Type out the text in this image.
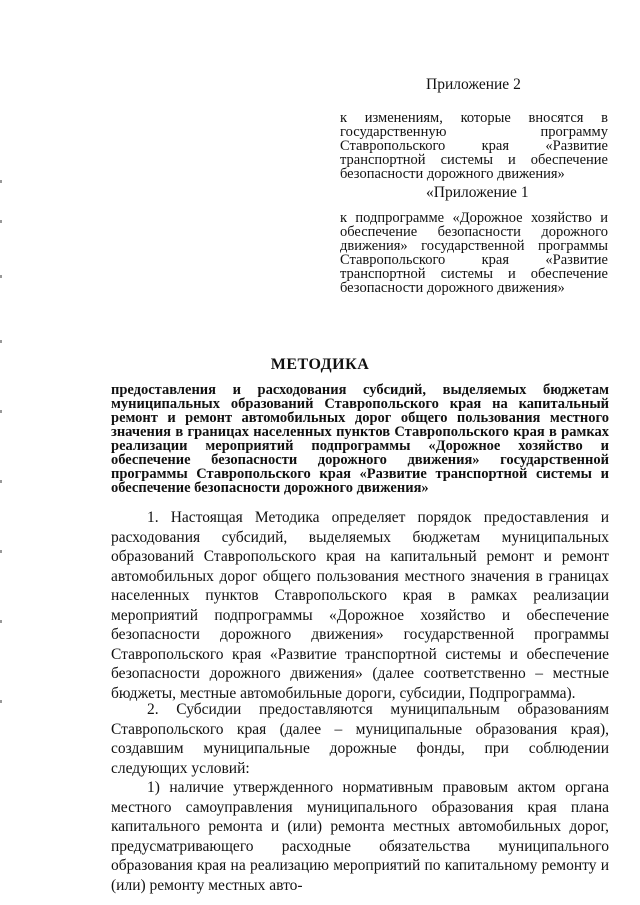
Приложение 2
к изменениям, которые вносятся в государственную программу Ставропольского края «Развитие транспортной системы и обеспечение безопасности дорожного движения»
«Приложение 1
к подпрограмме «Дорожное хозяйство и обеспечение безопасности дорожного движения» государственной программы Ставропольского края «Развитие транспортной системы и обеспечение безопасности дорожного движения»
МЕТОДИКА
предоставления и расходования субсидий, выделяемых бюджетам муниципальных образований Ставропольского края на капитальный ремонт и ремонт автомобильных дорог общего пользования местного значения в границах населенных пунктов Ставропольского края в рамках реализации мероприятий подпрограммы «Дорожное хозяйство и обеспечение безопасности дорожного движения» государственной программы Ставропольского края «Развитие транспортной системы и обеспечение безопасности дорожного движения»

1. Настоящая Методика определяет порядок предоставления и расходования субсидий, выделяемых бюджетам муниципальных образований Ставропольского края на капитальный ремонт и ремонт автомобильных дорог общего пользования местного значения в границах населенных пунктов Ставропольского края в рамках реализации мероприятий подпрограммы «Дорожное хозяйство и обеспечение безопасности дорожного движения» государственной программы Ставропольского края «Развитие транспортной системы и обеспечение безопасности дорожного движения» (далее соответственно – местные бюджеты, местные автомобильные дороги, субсидии, Подпрограмма).

2. Субсидии предоставляются муниципальным образованиям Ставропольского края (далее – муниципальные образования края), создавшим муниципальные дорожные фонды, при соблюдении следующих условий:

1) наличие утвержденного нормативным правовым актом органа местного самоуправления муниципального образования края плана капитального ремонта и (или) ремонта местных автомобильных дорог, предусматривающего расходные обязательства муниципального образования края на реализацию мероприятий по капитальному ремонту и (или) ремонту местных авто-
